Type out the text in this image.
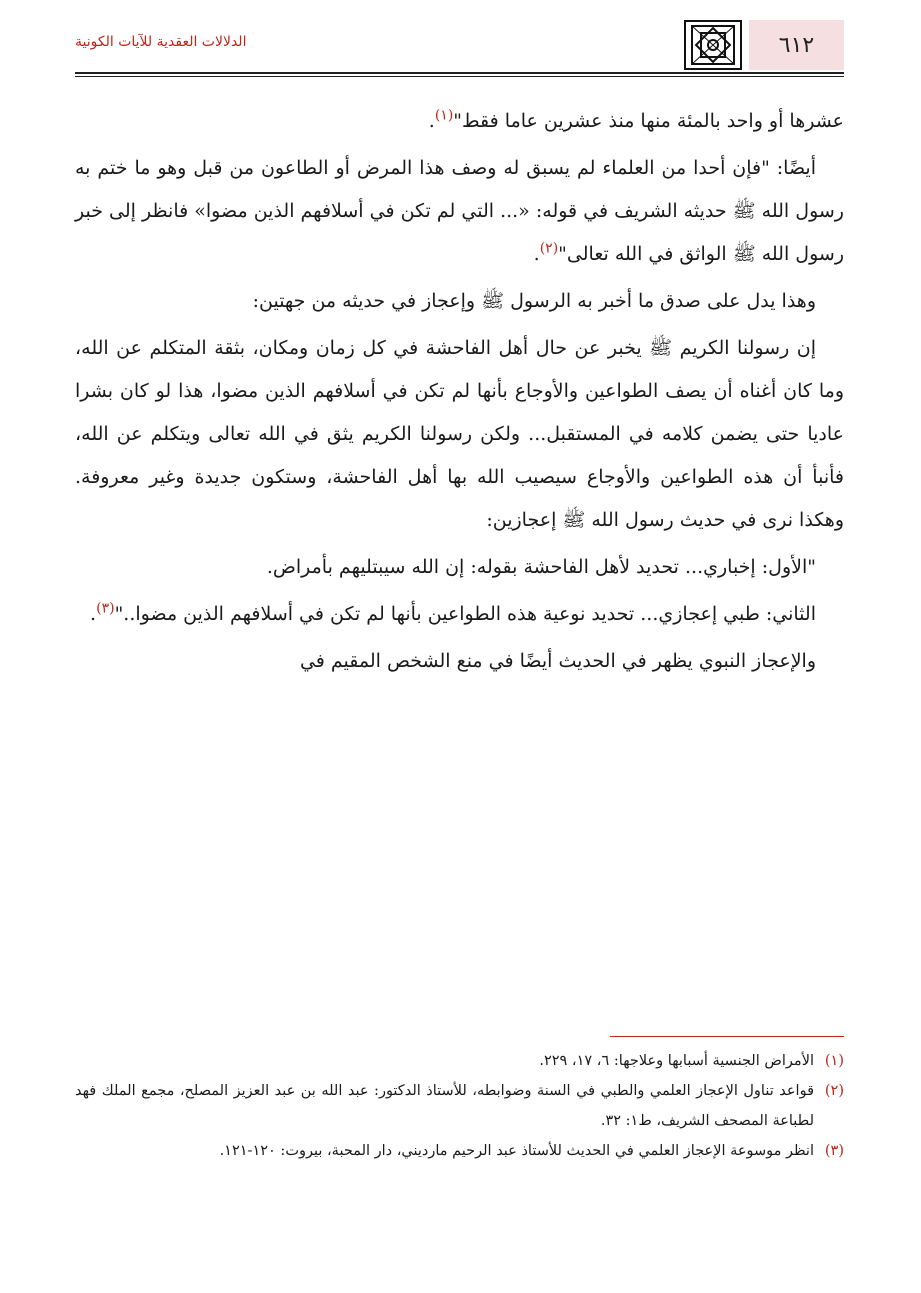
٦١٢
الدلالات العقدية للآيات الكونية

عشرها أو واحد بالمئة منها منذ عشرين عاما فقط"$^{(١)}$.

أيضًا: "فإن أحدا من العلماء لم يسبق له وصف هذا المرض أو الطاعون من قبل وهو ما ختم به رسول الله ﷺ حديثه الشريف في قوله: «... التي لم تكن في أسلافهم الذين مضوا» فانظر إلى خبر رسول الله ﷺ الواثق في الله تعالى"$^{(٢)}$.

وهذا يدل على صدق ما أخبر به الرسول ﷺ وإعجاز في حديثه من جهتين:

إن رسولنا الكريم ﷺ يخبر عن حال أهل الفاحشة في كل زمان ومكان، بثقة المتكلم عن الله، وما كان أغناه أن يصف الطواعين والأوجاع بأنها لم تكن في أسلافهم الذين مضوا، هذا لو كان بشرا عاديا حتى يضمن كلامه في المستقبل... ولكن رسولنا الكريم يثق في الله تعالى ويتكلم عن الله، فأنبأ أن هذه الطواعين والأوجاع سيصيب الله بها أهل الفاحشة، وستكون جديدة وغير معروفة. وهكذا نرى في حديث رسول الله ﷺ إعجازين:

"الأول: إخباري... تحديد لأهل الفاحشة بقوله: إن الله سيبتليهم بأمراض.

الثاني: طبي إعجازي... تحديد نوعية هذه الطواعين بأنها لم تكن في أسلافهم الذين مضوا.."$^{(٣)}$.

والإعجاز النبوي يظهر في الحديث أيضًا في منع الشخص المقيم في

(١)الأمراض الجنسية أسبابها وعلاجها: ٦، ١٧، ٢٢٩.

(٢)قواعد تناول الإعجاز العلمي والطبي في السنة وضوابطه، للأستاذ الدكتور: عبد الله بن عبد العزيز المصلح، مجمع الملك فهد لطباعة المصحف الشريف، ط١: ٣٢.

(٣)انظر موسوعة الإعجاز العلمي في الحديث للأستاذ عبد الرحيم مارديني، دار المحبة، بيروت: ١٢٠-١٢١.
